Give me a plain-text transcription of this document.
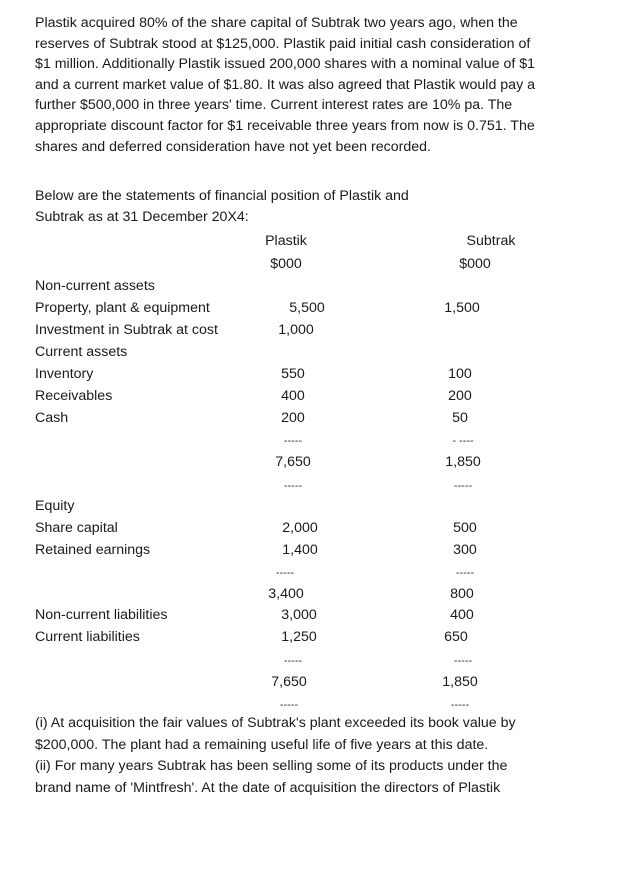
Plastik acquired 80% of the share capital of Subtrak two years ago, when the
reserves of Subtrak stood at $125,000. Plastik paid initial cash consideration of
$1 million. Additionally Plastik issued 200,000 shares with a nominal value of $1
and a current market value of $1.80. It was also agreed that Plastik would pay a
further $500,000 in three years' time. Current interest rates are 10% pa. The
appropriate discount factor for $1 receivable three years from now is 0.751. The
shares and deferred consideration have not yet been recorded.
Below are the statements of financial position of Plastik and
Subtrak as at 31 December 20X4:
Plastik	Subtrak
$000	$000
Non-current assets
Property, plant & equipment	5,500	1,500
Investment in Subtrak at cost	1,000
Current assets
Inventory	550	100
Receivables	400	200
Cash	200	50
-----	- ----
7,650	1,850
-----	-----
Equity
Share capital	2,000	500
Retained earnings	1,400	300
-----	-----
3,400	800
Non-current liabilities	3,000	400
Current liabilities	1,250	650
-----	-----
7,650	1,850
-----	-----
(i) At acquisition the fair values of Subtrak's plant exceeded its book value by
$200,000. The plant had a remaining useful life of five years at this date.
(ii) For many years Subtrak has been selling some of its products under the
brand name of 'Mintfresh'. At the date of acquisition the directors of Plastik
